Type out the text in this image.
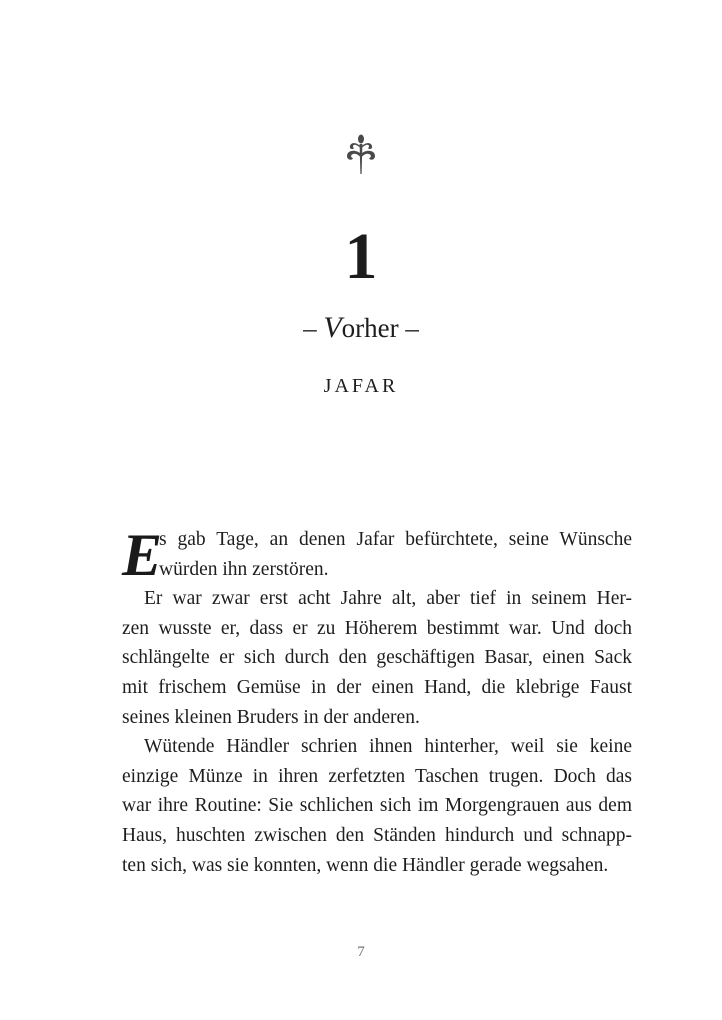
1
– Vorher –
JAFAR
E
s gab Tage, an denen Jafar befürchtete, seine Wünsche
würden ihn zerstören.
Er war zwar erst acht Jahre alt, aber tief in seinem Her-
zen wusste er, dass er zu Höherem bestimmt war. Und doch
schlängelte er sich durch den geschäftigen Basar, einen Sack
mit frischem Gemüse in der einen Hand, die klebrige Faust
seines kleinen Bruders in der anderen.
Wütende Händler schrien ihnen hinterher, weil sie keine
einzige Münze in ihren zerfetzten Taschen trugen. Doch das
war ihre Routine: Sie schlichen sich im Morgengrauen aus dem
Haus, huschten zwischen den Ständen hindurch und schnapp-
ten sich, was sie konnten, wenn die Händler gerade wegsahen.
7
